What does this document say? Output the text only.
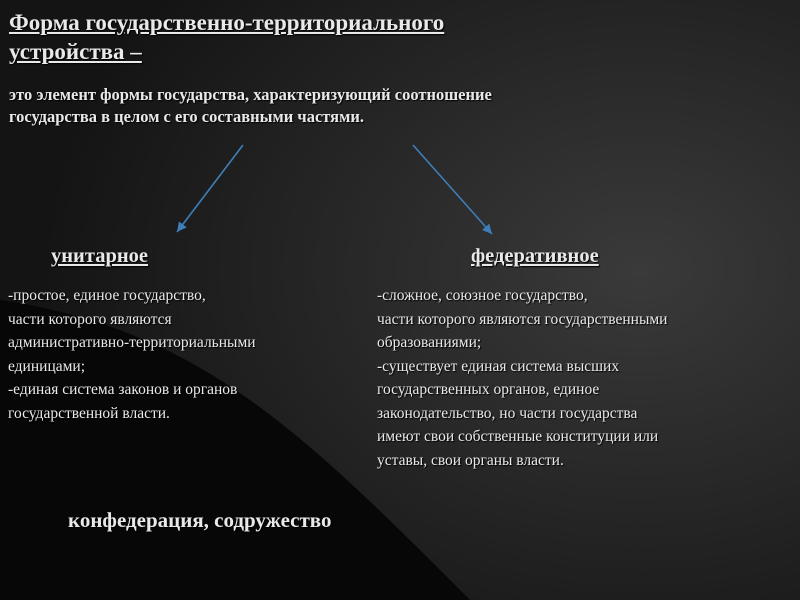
Форма государственно-территориального
устройства –
это элемент формы государства, характеризующий соотношение
государства в целом с его составными частями.
унитарное	федеративное
-простое, единое государство,
части которого являются
административно-территориальными
единицами;
-единая система законов и органов
государственной власти.
-сложное, союзное государство,
части которого являются государственными
образованиями;
-существует единая система высших
государственных органов, единое
законодательство, но части государства
имеют свои собственные конституции или
уставы, свои органы власти.
конфедерация, содружество
